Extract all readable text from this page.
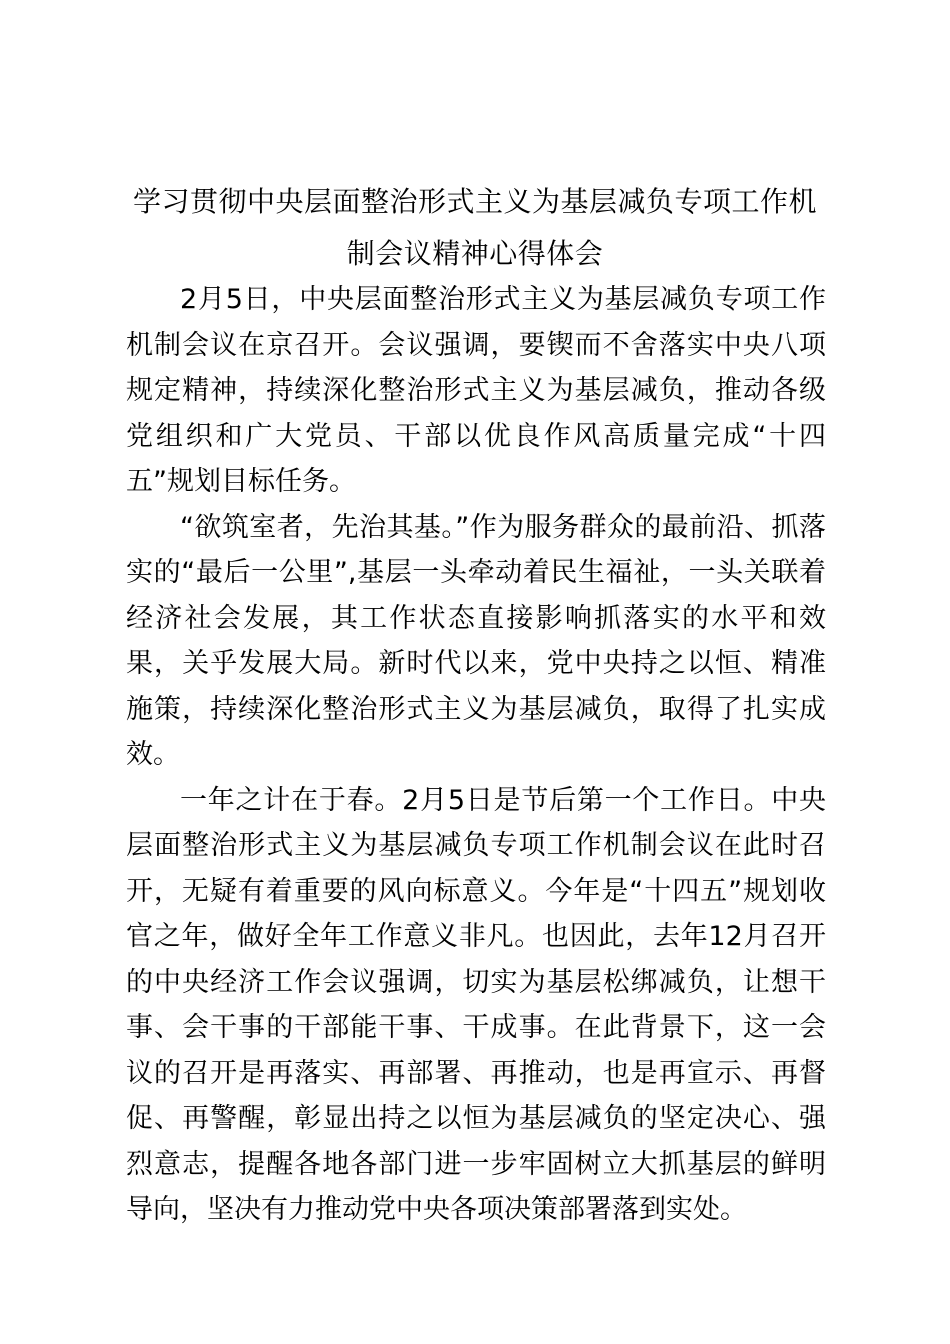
学习贯彻中央层面整治形式主义为基层减负专项工作机制会议精神心得体会

2月5日，中央层面整治形式主义为基层减负专项工作机制会议在京召开。会议强调，要锲而不舍落实中央八项规定精神，持续深化整治形式主义为基层减负，推动各级党组织和广大党员、干部以优良作风高质量完成“十四五”规划目标任务。

“欲筑室者，先治其基。”作为服务群众的最前沿、抓落实的“最后一公里”,基层一头牵动着民生福祉，一头关联着经济社会发展，其工作状态直接影响抓落实的水平和效果，关乎发展大局。新时代以来，党中央持之以恒、精准施策，持续深化整治形式主义为基层减负，取得了扎实成效。

一年之计在于春。2月5日是节后第一个工作日。中央层面整治形式主义为基层减负专项工作机制会议在此时召开，无疑有着重要的风向标意义。今年是“十四五”规划收官之年，做好全年工作意义非凡。也因此，去年12月召开的中央经济工作会议强调，切实为基层松绑减负，让想干事、会干事的干部能干事、干成事。在此背景下，这一会议的召开是再落实、再部署、再推动，也是再宣示、再督促、再警醒，彰显出持之以恒为基层减负的坚定决心、强烈意志，提醒各地各部门进一步牢固树立大抓基层的鲜明导向，坚决有力推动党中央各项决策部署落到实处。
